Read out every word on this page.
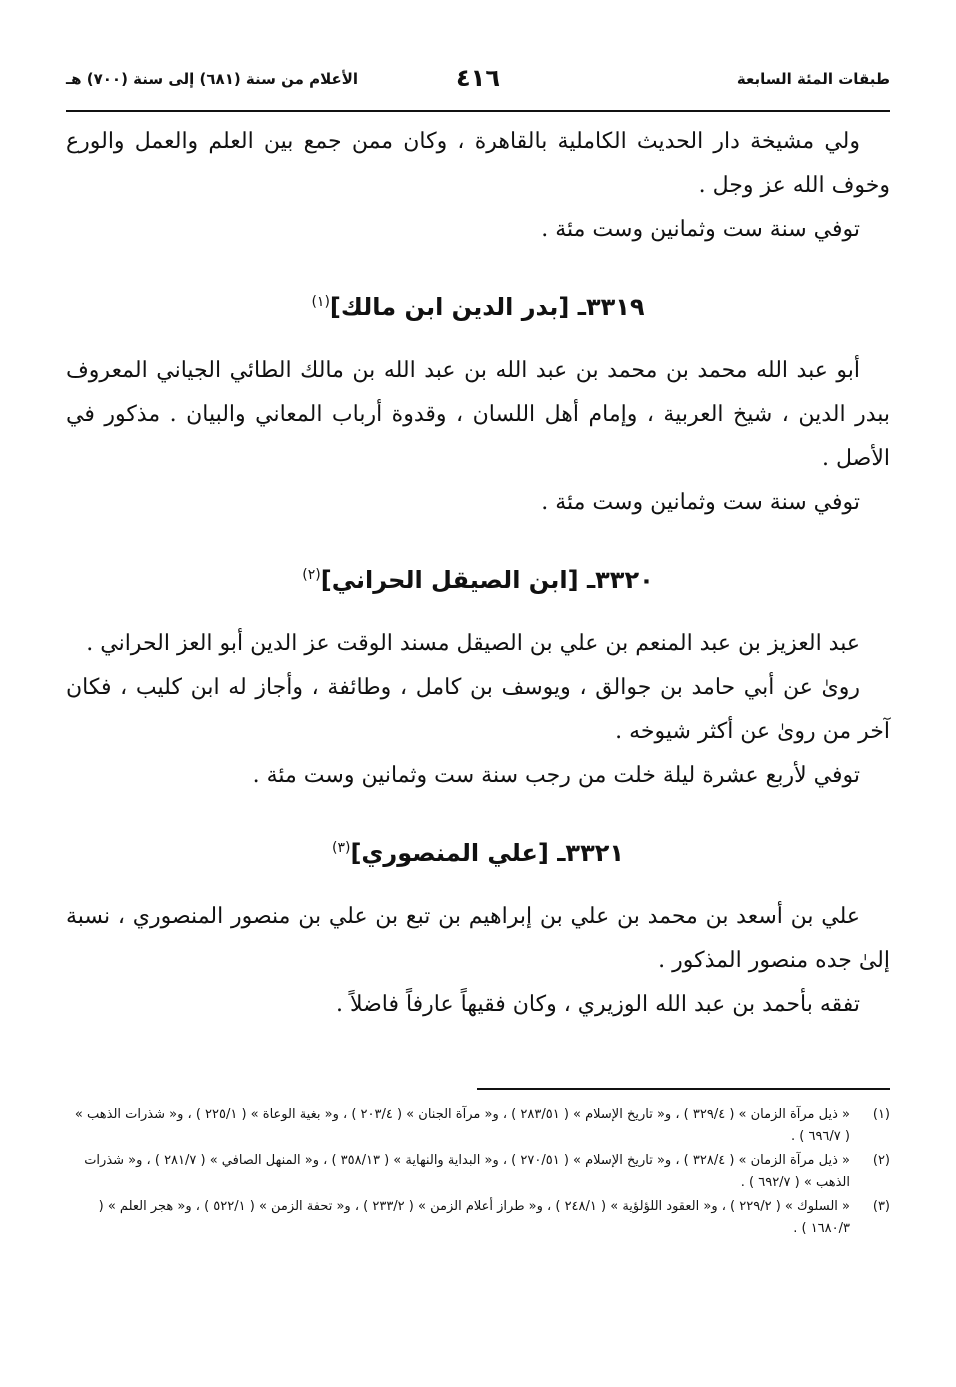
طبقات المئة السابعة
٤١٦
الأعلام من سنة (٦٨١) إلى سنة (٧٠٠) هـ

ولي مشيخة دار الحديث الكاملية بالقاهرة ، وكان ممن جمع بين العلم والعمل والورع وخوف الله عز وجل .

توفي سنة ست وثمانين وست مئة .

٣٣١٩ـ [بدر الدين ابن مالك]$^{(١)}$

أبو عبد الله محمد بن محمد بن عبد الله بن عبد الله بن مالك الطائي الجياني المعروف ببدر الدين ، شيخ العربية ، وإمام أهل اللسان ، وقدوة أرباب المعاني والبيان . مذكور في الأصل .

توفي سنة ست وثمانين وست مئة .

٣٣٢٠ـ [ابن الصيقل الحراني]$^{(٢)}$

عبد العزيز بن عبد المنعم بن علي بن الصيقل مسند الوقت عز الدين أبو العز الحراني .

روىٰ عن أبي حامد بن جوالق ، ويوسف بن كامل ، وطائفة ، وأجاز له ابن كليب ، فكان آخر من روىٰ عن أكثر شيوخه .

توفي لأربع عشرة ليلة خلت من رجب سنة ست وثمانين وست مئة .

٣٣٢١ـ [علي المنصوري]$^{(٣)}$

علي بن أسعد بن محمد بن علي بن إبراهيم بن تبع بن علي بن منصور المنصوري ، نسبة إلىٰ جده منصور المذكور .

تفقه بأحمد بن عبد الله الوزيري ، وكان فقيهاً عارفاً فاضلاً .

(١)
« ذيل مرآة الزمان » ( ٣٢٩/٤ ) ، و« تاريخ الإسلام » ( ٢٨٣/٥١ ) ، و« مرآة الجنان » ( ٢٠٣/٤ ) ، و« بغية الوعاة » ( ٢٢٥/١ ) ، و« شذرات الذهب » ( ٦٩٦/٧ ) .
(٢)
« ذيل مرآة الزمان » ( ٣٢٨/٤ ) ، و« تاريخ الإسلام » ( ٢٧٠/٥١ ) ، و« البداية والنهاية » ( ٣٥٨/١٣ ) ، و« المنهل الصافي » ( ٢٨١/٧ ) ، و« شذرات الذهب » ( ٦٩٢/٧ ) .
(٣)
« السلوك » ( ٢٢٩/٢ ) ، و« العقود اللؤلؤية » ( ٢٤٨/١ ) ، و« طراز أعلام الزمن » ( ٢٣٣/٢ ) ، و« تحفة الزمن » ( ٥٢٢/١ ) ، و« هجر العلم » ( ١٦٨٠/٣ ) .
